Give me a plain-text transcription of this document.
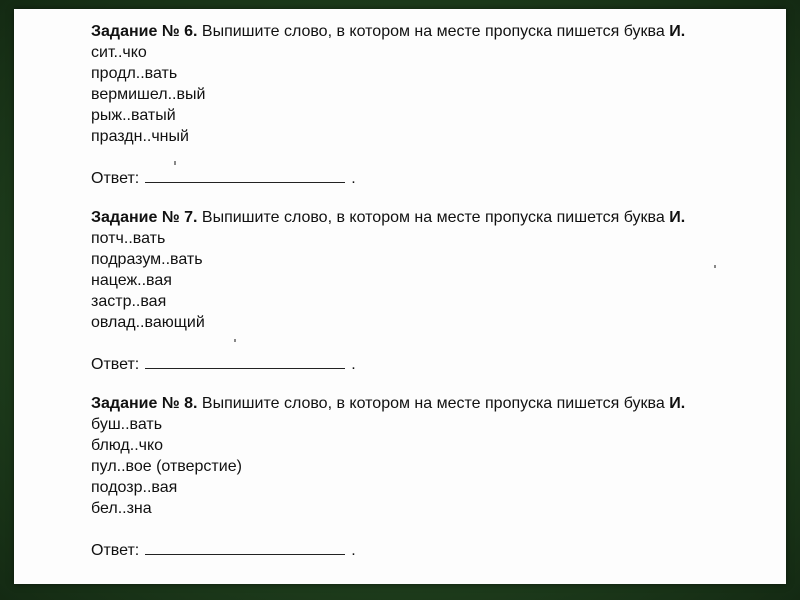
Задание № 6. Выпишите слово, в котором на месте пропуска пишется буква И.
сит..чко
продл..вать
вермишел..вый
рыж..ватый
праздн..чный
Ответ:	.
Задание № 7. Выпишите слово, в котором на месте пропуска пишется буква И.
потч..вать
подразум..вать
нацеж..вая
застр..вая
овлад..вающий
Ответ:	.
Задание № 8. Выпишите слово, в котором на месте пропуска пишется буква И.
буш..вать
блюд..чко
пул..вое (отверстие)
подозр..вая
бел..зна
Ответ:	.
